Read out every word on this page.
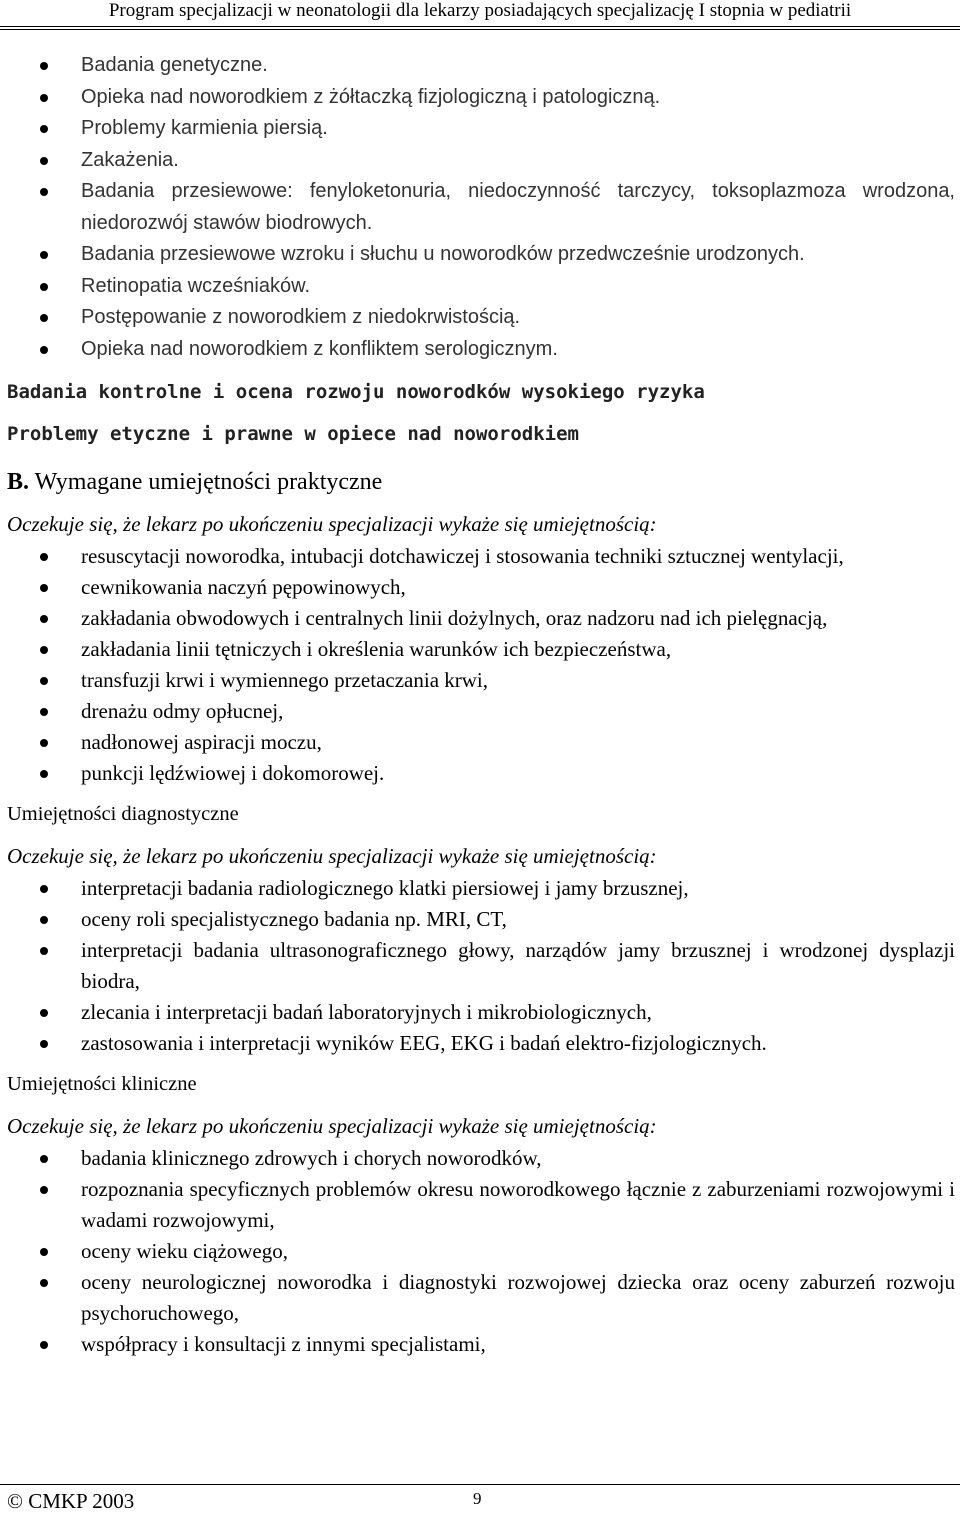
Program specjalizacji w neonatologii dla lekarzy posiadających specjalizację I stopnia w pediatrii
Badania genetyczne.
Opieka nad noworodkiem z żółtaczką fizjologiczną i patologiczną.
Problemy karmienia piersią.
Zakażenia.
Badania przesiewowe: fenyloketonuria, niedoczynność tarczycy, toksoplazmoza wrodzona, niedorozwój stawów biodrowych.
Badania przesiewowe wzroku i słuchu u noworodków przedwcześnie urodzonych.
Retinopatia wcześniaków.
Postępowanie z noworodkiem z niedokrwistością.
Opieka nad noworodkiem z konfliktem serologicznym.
Badania kontrolne i ocena rozwoju noworodków wysokiego ryzyka
Problemy etyczne i prawne w opiece nad noworodkiem
B. Wymagane umiejętności praktyczne
Oczekuje się, że lekarz po ukończeniu specjalizacji wykaże się umiejętnością:
resuscytacji noworodka, intubacji dotchawiczej i stosowania techniki sztucznej wentylacji,
cewnikowania naczyń pępowinowych,
zakładania obwodowych i centralnych linii dożylnych, oraz nadzoru nad ich pielęgnacją,
zakładania linii tętniczych i określenia warunków ich bezpieczeństwa,
transfuzji krwi i wymiennego przetaczania krwi,
drenażu odmy opłucnej,
nadłonowej aspiracji moczu,
punkcji lędźwiowej i dokomorowej.
Umiejętności diagnostyczne
Oczekuje się, że lekarz po ukończeniu specjalizacji wykaże się umiejętnością:
interpretacji badania radiologicznego klatki piersiowej i jamy brzusznej,
oceny roli specjalistycznego badania np. MRI, CT,
interpretacji badania ultrasonograficznego głowy, narządów jamy brzusznej i wrodzonej dysplazji biodra,
zlecania i interpretacji badań laboratoryjnych i mikrobiologicznych,
zastosowania i interpretacji wyników EEG, EKG i badań elektro-fizjologicznych.
Umiejętności kliniczne
Oczekuje się, że lekarz po ukończeniu specjalizacji wykaże się umiejętnością:
badania klinicznego zdrowych i chorych noworodków,
rozpoznania specyficznych problemów okresu noworodkowego łącznie z zaburzeniami rozwojowymi i wadami rozwojowymi,
oceny wieku ciążowego,
oceny neurologicznej noworodka i diagnostyki rozwojowej dziecka oraz oceny zaburzeń rozwoju psychoruchowego,
współpracy i konsultacji z innymi specjalistami,
© CMKP 2003	9
